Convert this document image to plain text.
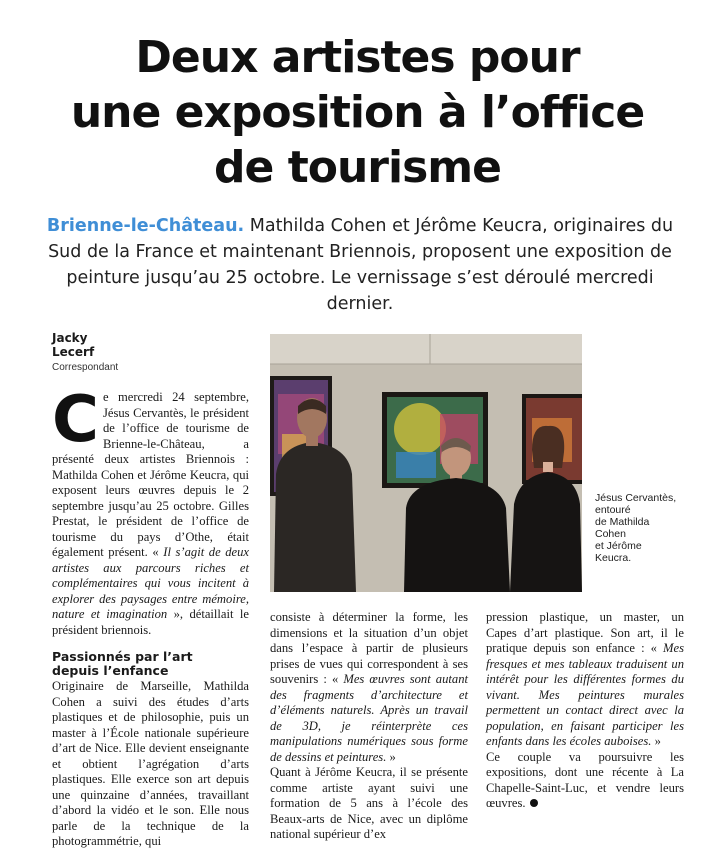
Deux artistes pour
une exposition à l’office
de tourisme

Brienne-le-Château. Mathilda Cohen et Jérôme Keucra, originaires du Sud de la France et maintenant Briennois, proposent une exposition de peinture jusqu’au 25 octobre. Le vernissage s’est déroulé mercredi dernier.

Jacky
Lecerf
Correspondant
Jésus Cervantès,
entouré
de Mathilda
Cohen
et Jérôme
Keucra.

Ce mercredi 24 septembre, Jésus Cervantès, le président de l’office de tourisme de Brienne-le-Château, a présenté deux artistes Briennois : Mathilda Cohen et Jérôme Keucra, qui exposent leurs œuvres depuis le 2 septembre jusqu’au 25 octobre. Gilles Prestat, le président de l’office de tourisme du pays d’Othe, était également présent. « Il s’agit de deux artistes aux parcours riches et complémentaires qui vous incitent à explorer des paysages entre mémoire, nature et imagination », détaillait le président briennois.

Passionnés par l’art
depuis l’enfance

Originaire de Marseille, Mathilda Cohen a suivi des études d’arts plastiques et de philosophie, puis un master à l’École nationale supérieure d’art de Nice. Elle devient enseignante et obtient l’agrégation d’arts plastiques. Elle exerce son art depuis une quinzaine d’années, travaillant d’abord la vidéo et le son. Elle nous parle de la technique de la photogrammétrie, qui

consiste à déterminer la forme, les dimensions et la situation d’un objet dans l’espace à partir de plusieurs prises de vues qui correspondent à ses souvenirs : « Mes œuvres sont autant des fragments d’architecture et d’éléments naturels. Après un travail de 3D, je réinterprète ces manipulations numériques sous forme de dessins et peintures. »

Quant à Jérôme Keucra, il se présente comme artiste ayant suivi une formation de 5 ans à l’école des Beaux-arts de Nice, avec un diplôme national supérieur d’ex

pression plastique, un master, un Capes d’art plastique. Son art, il le pratique depuis son enfance : « Mes fresques et mes tableaux traduisent un intérêt pour les différentes formes du vivant. Mes peintures murales permettent un contact direct avec la population, en faisant participer les enfants dans les écoles auboises. »

Ce couple va poursuivre les expositions, dont une récente à La Chapelle-Saint-Luc, et vendre leurs œuvres.
